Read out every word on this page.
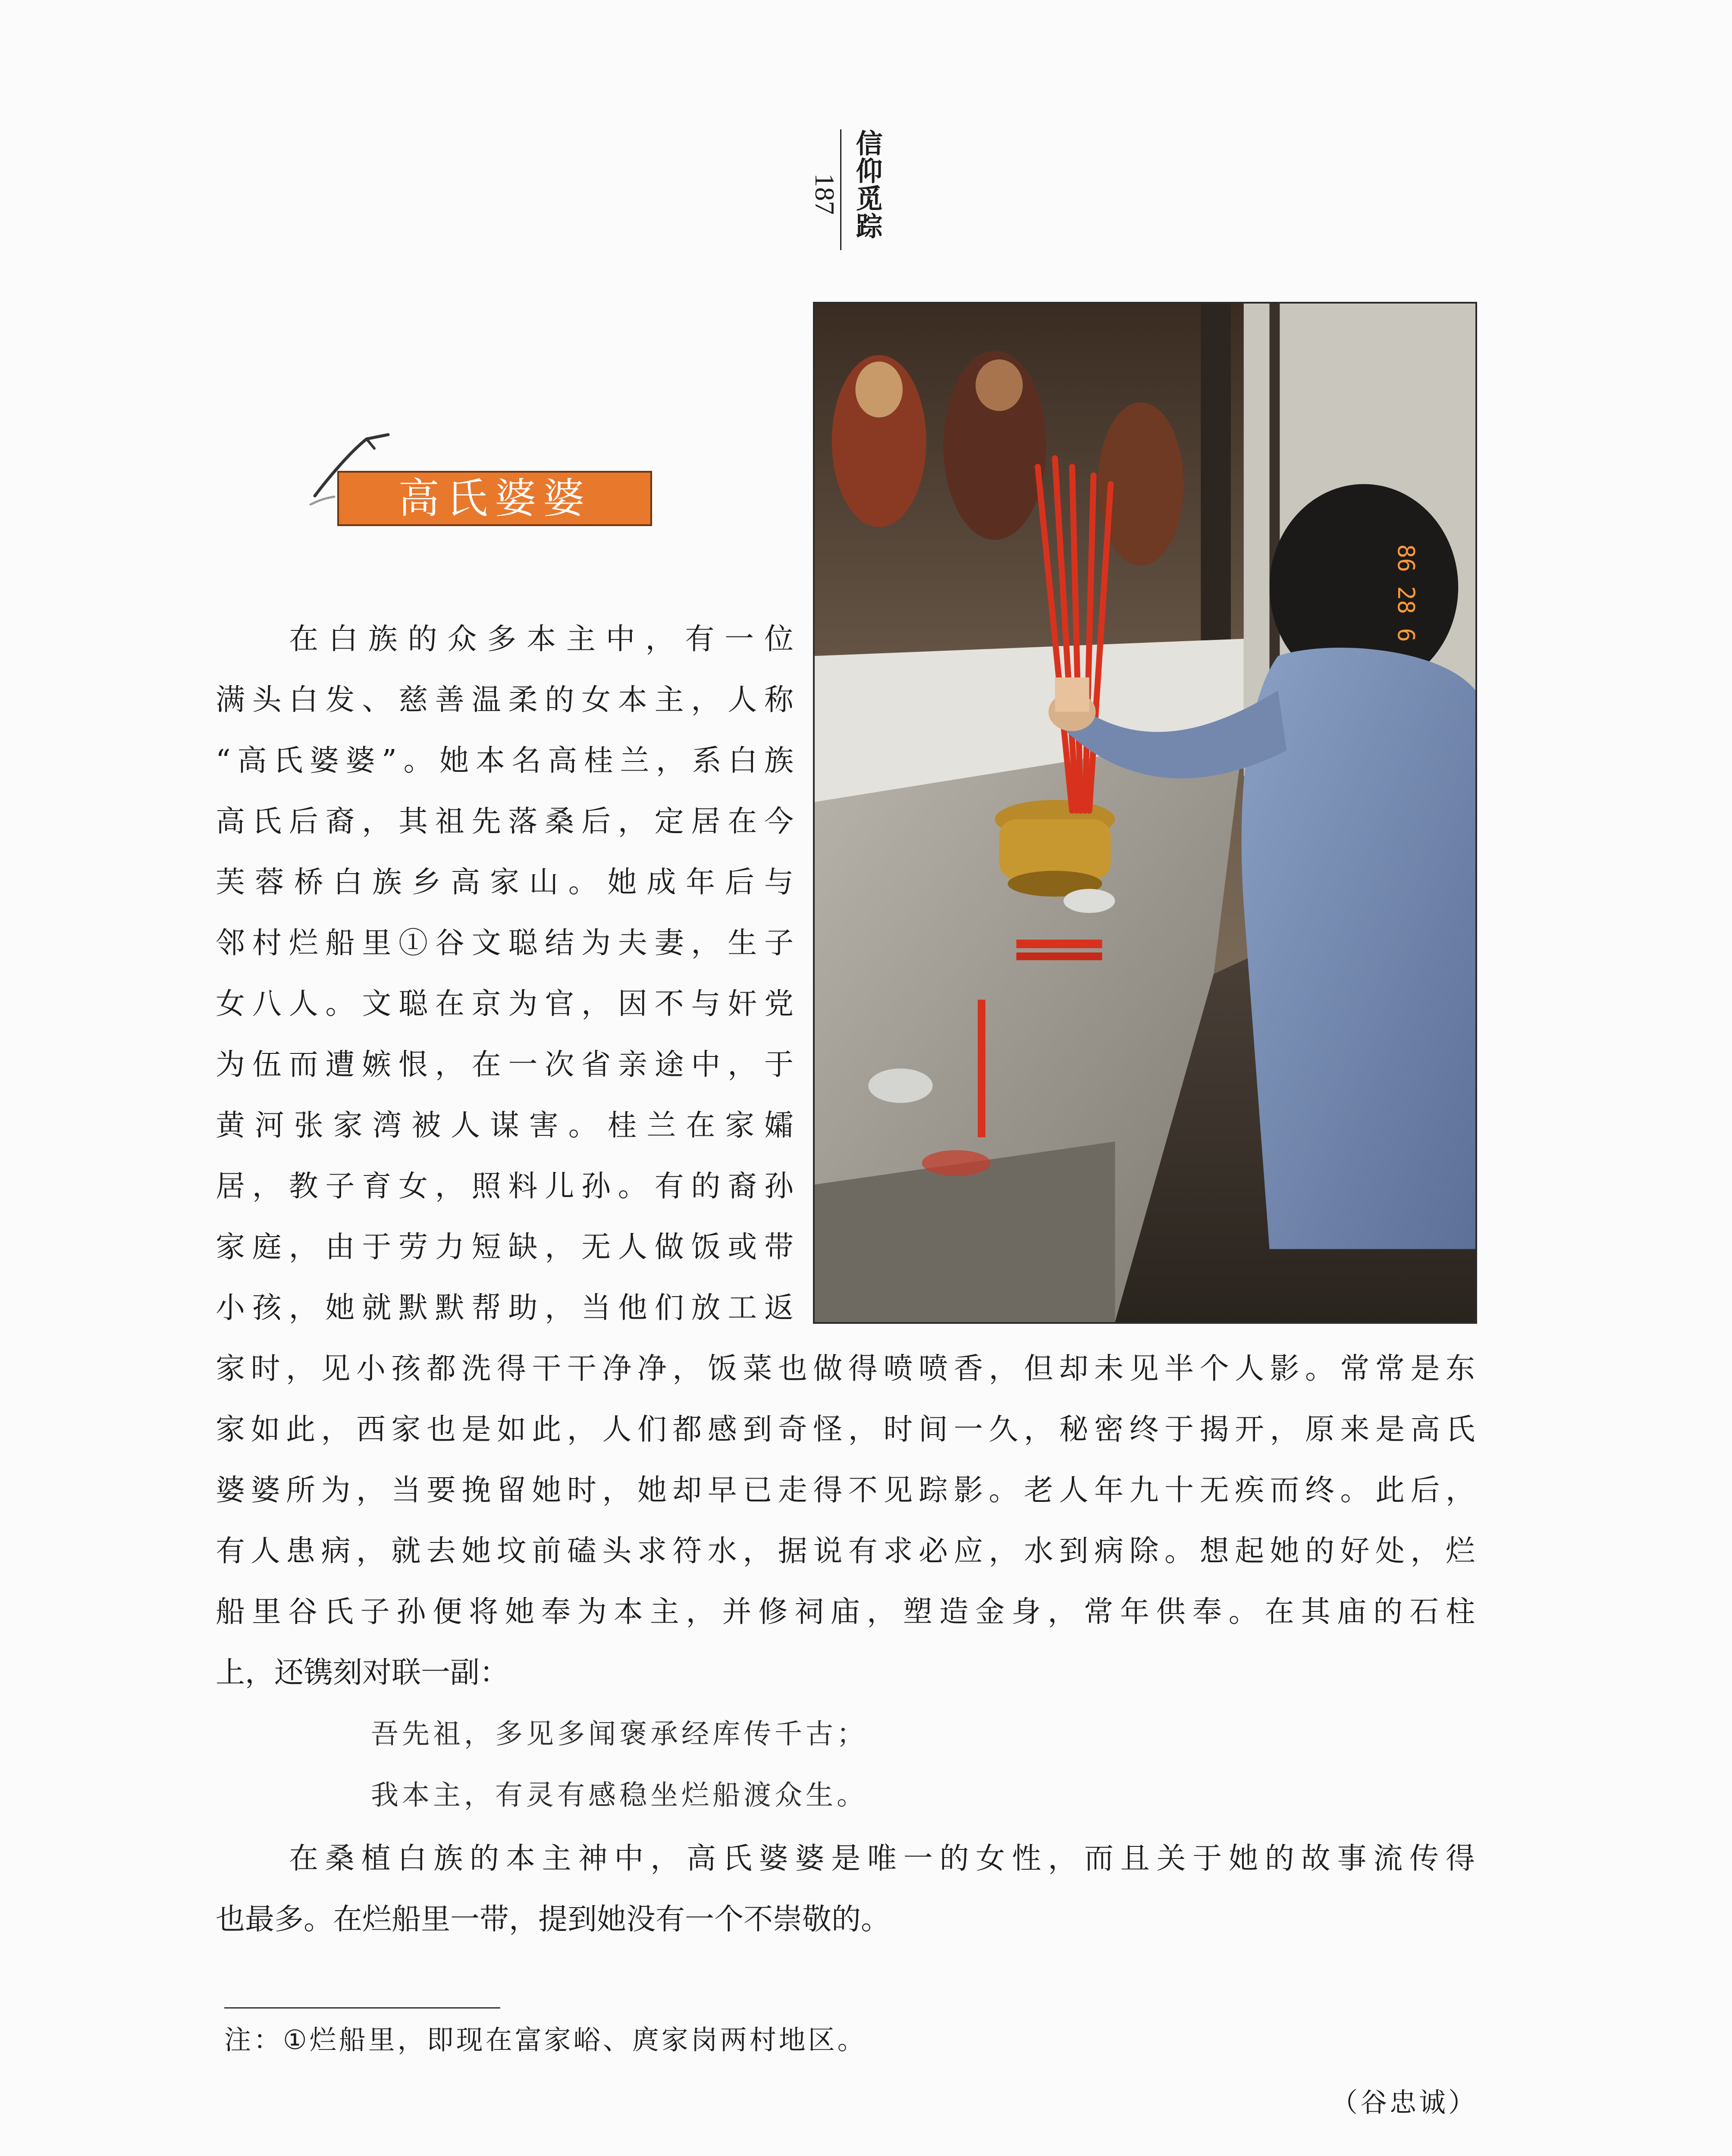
信仰觅踪
187
高氏婆婆
86 28 6
在白族的众多本主中，有一位
满头白发、慈善温柔的女本主，人称
“高氏婆婆”。她本名高桂兰，系白族
高氏后裔，其祖先落桑后，定居在今
芙蓉桥白族乡高家山。她成年后与
邻村烂船里①谷文聪结为夫妻，生子
女八人。文聪在京为官，因不与奸党
为伍而遭嫉恨，在一次省亲途中，于
黄河张家湾被人谋害。桂兰在家孀
居，教子育女，照料儿孙。有的裔孙
家庭，由于劳力短缺，无人做饭或带
小孩，她就默默帮助，当他们放工返
家时，见小孩都洗得干干净净，饭菜也做得喷喷香，但却未见半个人影。常常是东
家如此，西家也是如此，人们都感到奇怪，时间一久，秘密终于揭开，原来是高氏
婆婆所为，当要挽留她时，她却早已走得不见踪影。老人年九十无疾而终。此后，
有人患病，就去她坟前磕头求符水，据说有求必应，水到病除。想起她的好处，烂
船里谷氏子孙便将她奉为本主，并修祠庙，塑造金身，常年供奉。在其庙的石柱
上，还镌刻对联一副：
吾先祖，多见多闻褒承经库传千古；
我本主，有灵有感稳坐烂船渡众生。
在桑植白族的本主神中，高氏婆婆是唯一的女性，而且关于她的故事流传得
也最多。在烂船里一带，提到她没有一个不崇敬的。
注：①烂船里，即现在富家峪、庹家岗两村地区。
（谷忠诚）
